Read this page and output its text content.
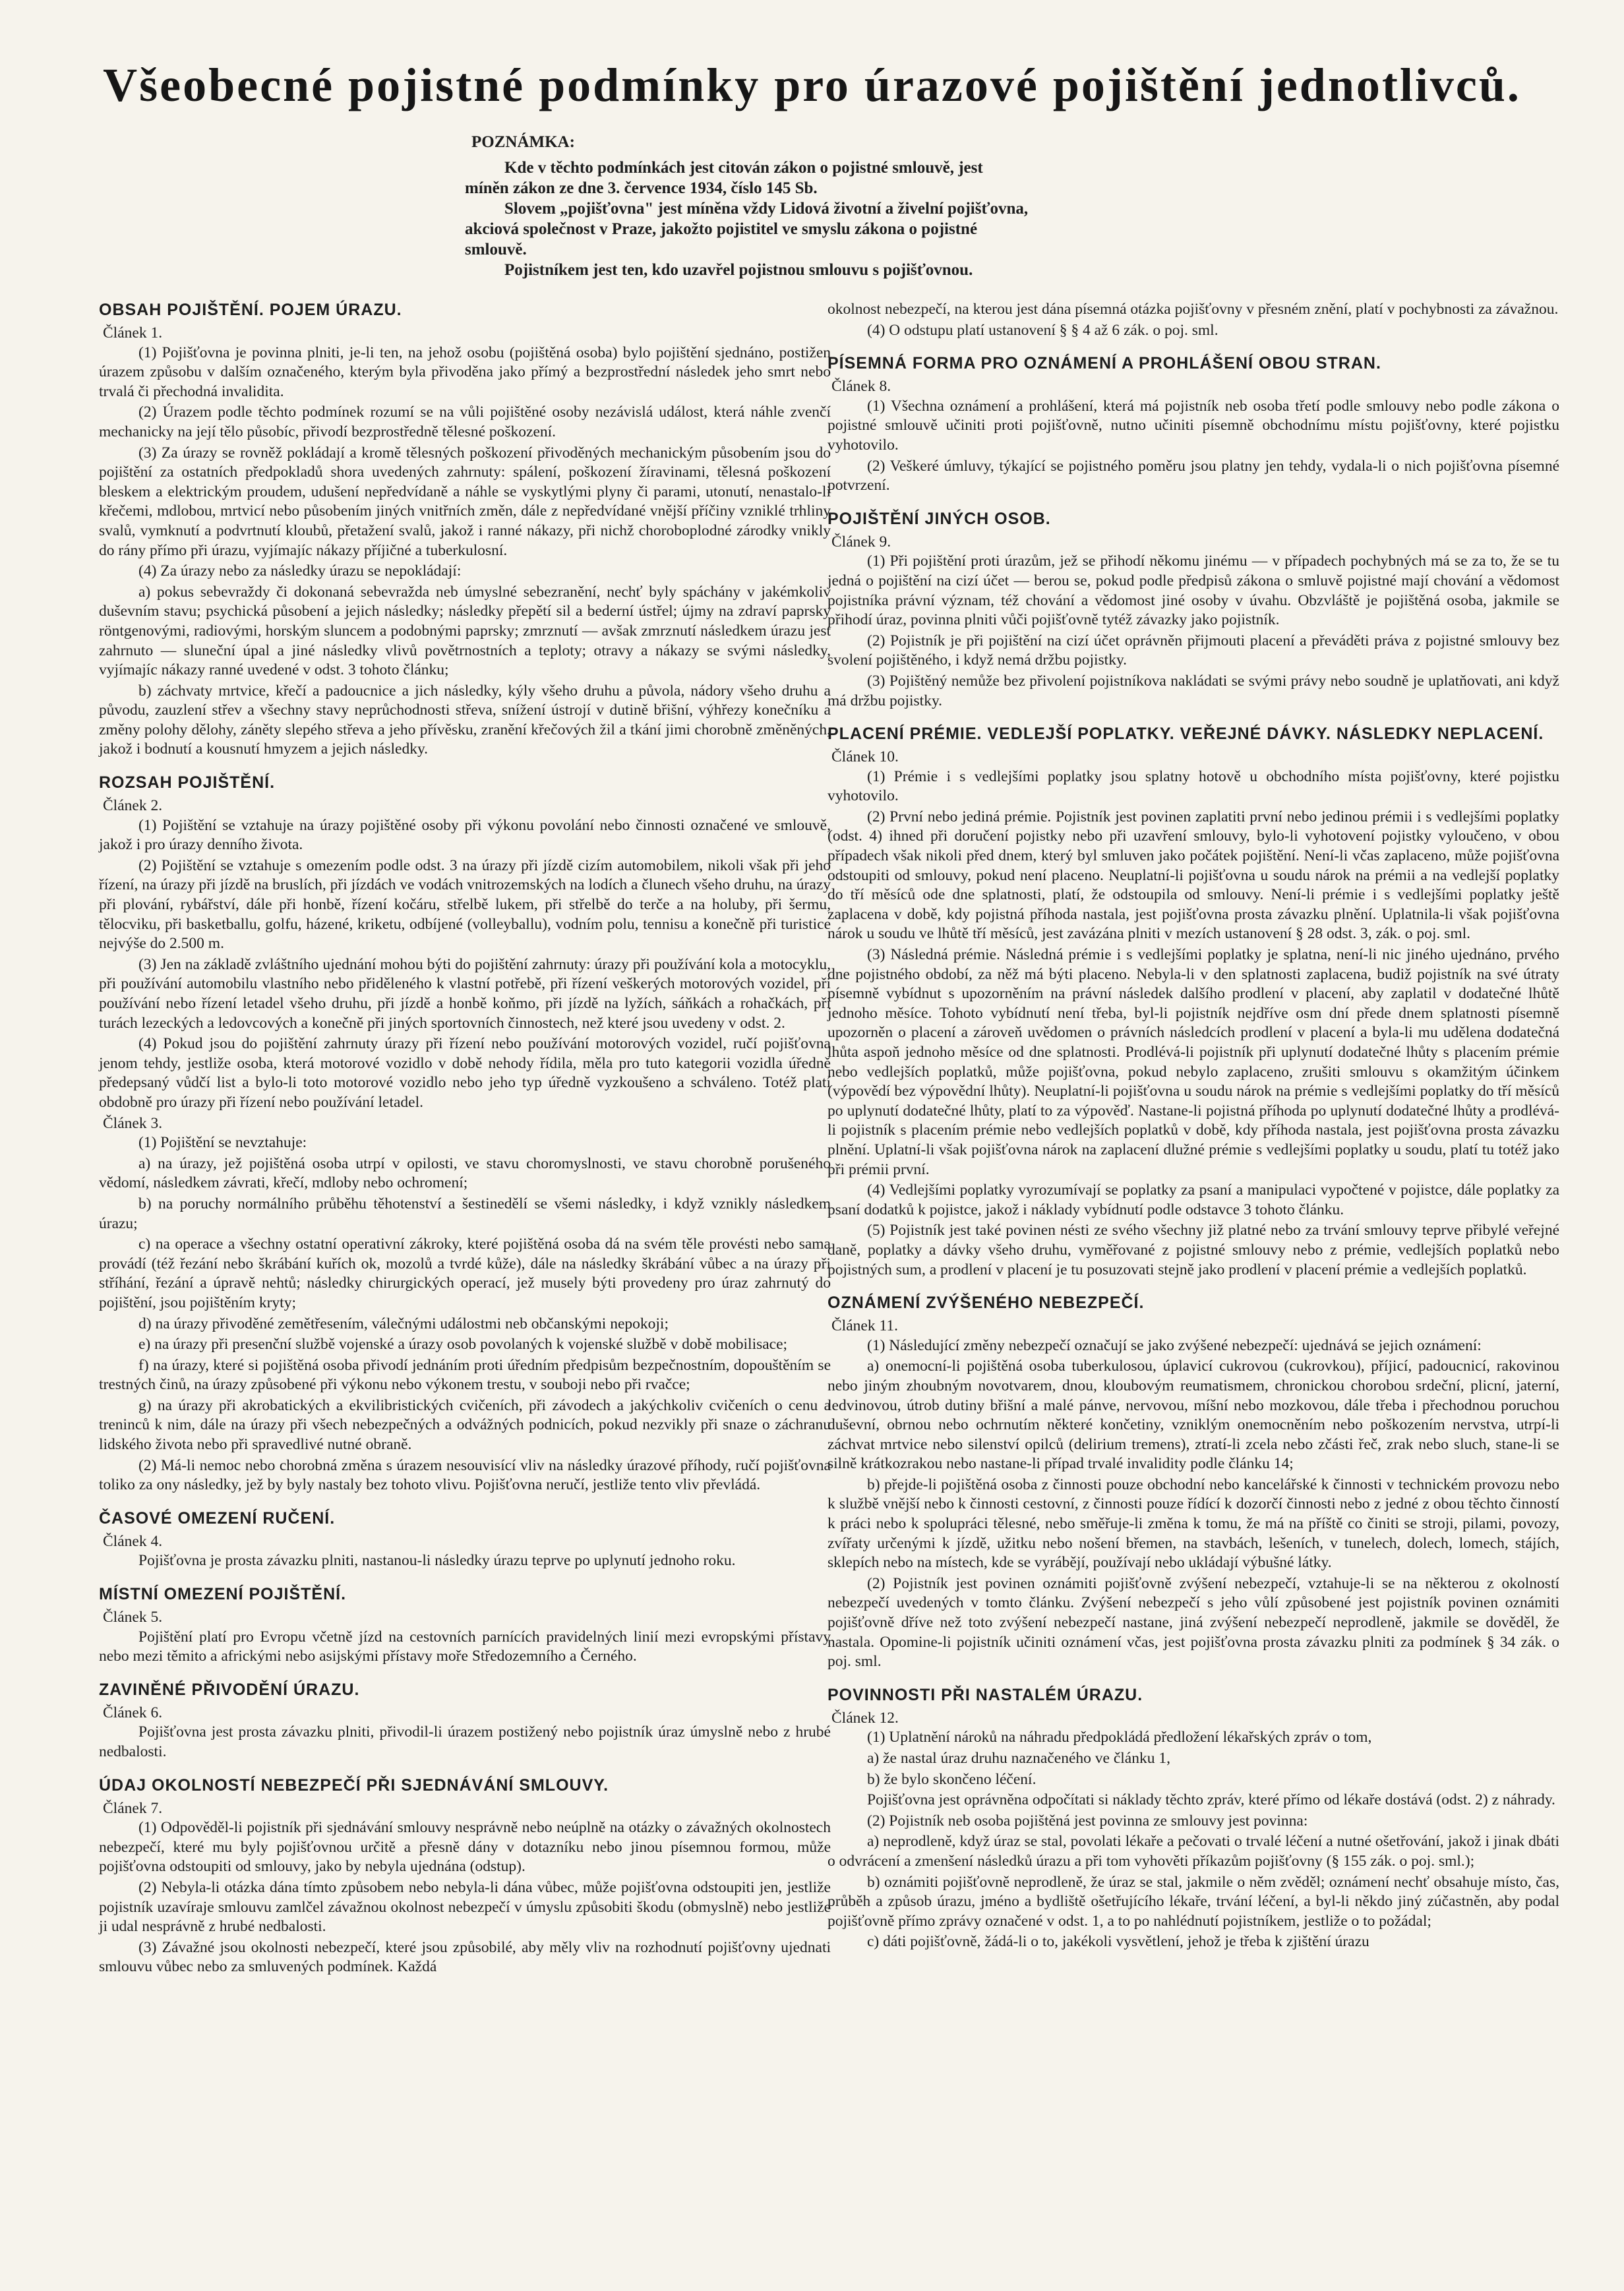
Všeobecné pojistné podmínky pro úrazové pojištění jednotlivců.
POZNÁMKA:

Kde v těchto podmínkách jest citován zákon o pojistné smlouvě, jest

míněn zákon ze dne 3. července 1934, číslo 145 Sb.

Slovem „pojišťovna" jest míněna vždy Lidová životní a živelní pojišťovna,

akciová společnost v Praze, jakožto pojistitel ve smyslu zákona o pojistné

smlouvě.

Pojistníkem jest ten, kdo uzavřel pojistnou smlouvu s pojišťovnou.

OBSAH POJIŠTĚNÍ. POJEM ÚRAZU.
Článek 1.

(1) Pojišťovna je povinna plniti, je-li ten, na jehož osobu (pojištěná osoba) bylo pojištění sjednáno, postižen úrazem způsobu v dalším označeného, kterým byla přivoděna jako přímý a bezprostřední následek jeho smrt nebo trvalá či přechodná invalidita.

(2) Úrazem podle těchto podmínek rozumí se na vůli pojištěné osoby nezávislá událost, která náhle zvenčí mechanicky na její tělo působíc, přivodí bezprostředně tělesné poškození.

(3) Za úrazy se rovněž pokládají a kromě tělesných poškození přivoděných mechanickým působením jsou do pojištění za ostatních předpokladů shora uvedených zahrnuty: spálení, poškození žíravinami, tělesná poškození bleskem a elektrickým proudem, udušení nepředvídaně a náhle se vyskytlými plyny či parami, utonutí, nenastalo-li křečemi, mdlobou, mrtvicí nebo působením jiných vnitřních změn, dále z nepředvídané vnější příčiny vzniklé trhliny svalů, vymknutí a podvrtnutí kloubů, přetažení svalů, jakož i ranné nákazy, při nichž choroboplodné zárodky vnikly do rány přímo při úrazu, vyjímajíc nákazy příjičné a tuberkulosní.

(4) Za úrazy nebo za následky úrazu se nepokládají:

a) pokus sebevraždy či dokonaná sebevražda neb úmyslné sebezranění, nechť byly spáchány v jakémkoliv duševním stavu; psychická působení a jejich následky; následky přepětí sil a bederní ústřel; újmy na zdraví paprsky röntgenovými, radiovými, horským sluncem a podobnými paprsky; zmrznutí — avšak zmrznutí následkem úrazu jest zahrnuto — sluneční úpal a jiné následky vlivů povětrnostních a teploty; otravy a nákazy se svými následky, vyjímajíc nákazy ranné uvedené v odst. 3 tohoto článku;

b) záchvaty mrtvice, křečí a padoucnice a jich následky, kýly všeho druhu a půvola, nádory všeho druhu a původu, zauzlení střev a všechny stavy neprůchodnosti střeva, snížení ústrojí v dutině břišní, výhřezy konečníku a změny polohy dělohy, záněty slepého střeva a jeho přívěsku, zranění křečových žil a tkání jimi chorobně změněných, jakož i bodnutí a kousnutí hmyzem a jejich následky.

ROZSAH POJIŠTĚNÍ.
Článek 2.

(1) Pojištění se vztahuje na úrazy pojištěné osoby při výkonu povolání nebo činnosti označené ve smlouvě, jakož i pro úrazy denního života.

(2) Pojištění se vztahuje s omezením podle odst. 3 na úrazy při jízdě cizím automobilem, nikoli však při jeho řízení, na úrazy při jízdě na bruslích, při jízdách ve vodách vnitrozemských na lodích a člunech všeho druhu, na úrazy při plování, rybářství, dále při honbě, řízení kočáru, střelbě lukem, při střelbě do terče a na holuby, při šermu, tělocviku, při basketballu, golfu, házené, kriketu, odbíjené (volleyballu), vodním polu, tennisu a konečně při turistice nejvýše do 2.500 m.

(3) Jen na základě zvláštního ujednání mohou býti do pojištění zahrnuty: úrazy při používání kola a motocyklu, při používání automobilu vlastního nebo přiděleného k vlastní potřebě, při řízení veškerých motorových vozidel, při používání nebo řízení letadel všeho druhu, při jízdě a honbě koňmo, při jízdě na lyžích, sáňkách a rohačkách, při turách lezeckých a ledovcových a konečně při jiných sportovních činnostech, než které jsou uvedeny v odst. 2.

(4) Pokud jsou do pojištění zahrnuty úrazy při řízení nebo používání motorových vozidel, ručí pojišťovna jenom tehdy, jestliže osoba, která motorové vozidlo v době nehody řídila, měla pro tuto kategorii vozidla úředně předepsaný vůdčí list a bylo-li toto motorové vozidlo nebo jeho typ úředně vyzkoušeno a schváleno. Totéž platí obdobně pro úrazy při řízení nebo používání letadel.

Článek 3.

(1) Pojištění se nevztahuje:

a) na úrazy, jež pojištěná osoba utrpí v opilosti, ve stavu choromyslnosti, ve stavu chorobně porušeného vědomí, následkem závrati, křečí, mdloby nebo ochromení;

b) na poruchy normálního průběhu těhotenství a šestinedělí se všemi následky, i když vznikly následkem úrazu;

c) na operace a všechny ostatní operativní zákroky, které pojištěná osoba dá na svém těle provésti nebo sama provádí (též řezání nebo škrábání kuřích ok, mozolů a tvrdé kůže), dále na následky škrábání vůbec a na úrazy při stříhání, řezání a úpravě nehtů; následky chirurgických operací, jež musely býti provedeny pro úraz zahrnutý do pojištění, jsou pojištěním kryty;

d) na úrazy přivoděné zemětřesením, válečnými událostmi neb občanskými nepokoji;

e) na úrazy při presenční službě vojenské a úrazy osob povolaných k vojenské službě v době mobilisace;

f) na úrazy, které si pojištěná osoba přivodí jednáním proti úředním předpisům bezpečnostním, dopouštěním se trestných činů, na úrazy způsobené při výkonu nebo výkonem trestu, v souboji nebo při rvačce;

g) na úrazy při akrobatických a ekvilibristických cvičeních, při závodech a jakýchkoliv cvičeních o cenu a treninců k nim, dále na úrazy při všech nebezpečných a odvážných podnicích, pokud nezvikly při snaze o záchranu lidského života nebo při spravedlivé nutné obraně.

(2) Má-li nemoc nebo chorobná změna s úrazem nesouvisící vliv na následky úrazové příhody, ručí pojišťovna toliko za ony následky, jež by byly nastaly bez tohoto vlivu. Pojišťovna neručí, jestliže tento vliv převládá.

ČASOVÉ OMEZENÍ RUČENÍ.
Článek 4.

Pojišťovna je prosta závazku plniti, nastanou-li následky úrazu teprve po uplynutí jednoho roku.

MÍSTNÍ OMEZENÍ POJIŠTĚNÍ.
Článek 5.

Pojištění platí pro Evropu včetně jízd na cestovních parnících pravidelných linií mezi evropskými přístavy nebo mezi těmito a africkými nebo asijskými přístavy moře Středozemního a Černého.

ZAVINĚNÉ PŘIVODĚNÍ ÚRAZU.
Článek 6.

Pojišťovna jest prosta závazku plniti, přivodil-li úrazem postižený nebo pojistník úraz úmyslně nebo z hrubé nedbalosti.

ÚDAJ OKOLNOSTÍ NEBEZPEČÍ PŘI SJEDNÁVÁNÍ SMLOUVY.
Článek 7.

(1) Odpověděl-li pojistník při sjednávání smlouvy nesprávně nebo neúplně na otázky o závažných okolnostech nebezpečí, které mu byly pojišťovnou určitě a přesně dány v dotazníku nebo jinou písemnou formou, může pojišťovna odstoupiti od smlouvy, jako by nebyla ujednána (odstup).

(2) Nebyla-li otázka dána tímto způsobem nebo nebyla-li dána vůbec, může pojišťovna odstoupiti jen, jestliže pojistník uzavíraje smlouvu zamlčel závažnou okolnost nebezpečí v úmyslu způsobiti škodu (obmyslně) nebo jestliže ji udal nesprávně z hrubé nedbalosti.

(3) Závažné jsou okolnosti nebezpečí, které jsou způsobilé, aby měly vliv na rozhodnutí pojišťovny ujednati smlouvu vůbec nebo za smluvených podmínek. Každá

okolnost nebezpečí, na kterou jest dána písemná otázka pojišťovny v přesném znění, platí v pochybnosti za závažnou.

(4) O odstupu platí ustanovení § § 4 až 6 zák. o poj. sml.

PÍSEMNÁ FORMA PRO OZNÁMENÍ A PROHLÁŠENÍ OBOU STRAN.
Článek 8.

(1) Všechna oznámení a prohlášení, která má pojistník neb osoba třetí podle smlouvy nebo podle zákona o pojistné smlouvě učiniti proti pojišťovně, nutno učiniti písemně obchodnímu místu pojišťovny, které pojistku vyhotovilo.

(2) Veškeré úmluvy, týkající se pojistného poměru jsou platny jen tehdy, vydala-li o nich pojišťovna písemné potvrzení.

POJIŠTĚNÍ JINÝCH OSOB.
Článek 9.

(1) Při pojištění proti úrazům, jež se přihodí někomu jinému — v případech pochybných má se za to, že se tu jedná o pojištění na cizí účet — berou se, pokud podle předpisů zákona o smluvě pojistné mají chování a vědomost pojistníka právní význam, též chování a vědomost jiné osoby v úvahu. Obzvláště je pojištěná osoba, jakmile se přihodí úraz, povinna plniti vůči pojišťovně tytéž závazky jako pojistník.

(2) Pojistník je při pojištění na cizí účet oprávněn přijmouti placení a převáděti práva z pojistné smlouvy bez svolení pojištěného, i když nemá držbu pojistky.

(3) Pojištěný nemůže bez přivolení pojistníkova nakládati se svými právy nebo soudně je uplatňovati, ani když má držbu pojistky.

PLACENÍ PRÉMIE. VEDLEJŠÍ POPLATKY. VEŘEJNÉ DÁVKY. NÁSLEDKY NEPLACENÍ.
Článek 10.

(1) Prémie i s vedlejšími poplatky jsou splatny hotově u obchodního místa pojišťovny, které pojistku vyhotovilo.

(2) První nebo jediná prémie. Pojistník jest povinen zaplatiti první nebo jedinou prémii i s vedlejšími poplatky (odst. 4) ihned při doručení pojistky nebo při uzavření smlouvy, bylo-li vyhotovení pojistky vyloučeno, v obou případech však nikoli před dnem, který byl smluven jako počátek pojištění. Není-li včas zaplaceno, může pojišťovna odstoupiti od smlouvy, pokud není placeno. Neuplatní-li pojišťovna u soudu nárok na prémii a na vedlejší poplatky do tří měsíců ode dne splatnosti, platí, že odstoupila od smlouvy. Není-li prémie i s vedlejšími poplatky ještě zaplacena v době, kdy pojistná příhoda nastala, jest pojišťovna prosta závazku plnění. Uplatnila-li však pojišťovna nárok u soudu ve lhůtě tří měsíců, jest zavázána plniti v mezích ustanovení § 28 odst. 3, zák. o poj. sml.

(3) Následná prémie. Následná prémie i s vedlejšími poplatky je splatna, není-li nic jiného ujednáno, prvého dne pojistného období, za něž má býti placeno. Nebyla-li v den splatnosti zaplacena, budiž pojistník na své útraty písemně vybídnut s upozorněním na právní následek dalšího prodlení v placení, aby zaplatil v dodatečné lhůtě jednoho měsíce. Tohoto vybídnutí není třeba, byl-li pojistník nejdříve osm dní přede dnem splatnosti písemně upozorněn o placení a zároveň uvědomen o právních následcích prodlení v placení a byla-li mu udělena dodatečná lhůta aspoň jednoho měsíce od dne splatnosti. Prodlévá-li pojistník při uplynutí dodatečné lhůty s placením prémie nebo vedlejších poplatků, může pojišťovna, pokud nebylo zaplaceno, zrušiti smlouvu s okamžitým účinkem (výpovědí bez výpovědní lhůty). Neuplatní-li pojišťovna u soudu nárok na prémie s vedlejšími poplatky do tří měsíců po uplynutí dodatečné lhůty, platí to za výpověď. Nastane-li pojistná příhoda po uplynutí dodatečné lhůty a prodlévá-li pojistník s placením prémie nebo vedlejších poplatků v době, kdy příhoda nastala, jest pojišťovna prosta závazku plnění. Uplatní-li však pojišťovna nárok na zaplacení dlužné prémie s vedlejšími poplatky u soudu, platí tu totéž jako při prémii první.

(4) Vedlejšími poplatky vyrozumívají se poplatky za psaní a manipulaci vypočtené v pojistce, dále poplatky za psaní dodatků k pojistce, jakož i náklady vybídnutí podle odstavce 3 tohoto článku.

(5) Pojistník jest také povinen nésti ze svého všechny již platné nebo za trvání smlouvy teprve přibylé veřejné daně, poplatky a dávky všeho druhu, vyměřované z pojistné smlouvy nebo z prémie, vedlejších poplatků nebo pojistných sum, a prodlení v placení je tu posuzovati stejně jako prodlení v placení prémie a vedlejších poplatků.

OZNÁMENÍ ZVÝŠENÉHO NEBEZPEČÍ.
Článek 11.

(1) Následující změny nebezpečí označují se jako zvýšené nebezpečí: ujednává se jejich oznámení:

a) onemocní-li pojištěná osoba tuberkulosou, úplavicí cukrovou (cukrovkou), příjicí, padoucnicí, rakovinou nebo jiným zhoubným novotvarem, dnou, kloubovým reumatismem, chronickou chorobou srdeční, plicní, jaterní, ledvinovou, útrob dutiny břišní a malé pánve, nervovou, míšní nebo mozkovou, dále třeba i přechodnou poruchou duševní, obrnou nebo ochrnutím některé končetiny, vzniklým onemocněním nebo poškozením nervstva, utrpí-li záchvat mrtvice nebo silenství opilců (delirium tremens), ztratí-li zcela nebo zčásti řeč, zrak nebo sluch, stane-li se silně krátkozrakou nebo nastane-li případ trvalé invalidity podle článku 14;

b) přejde-li pojištěná osoba z činnosti pouze obchodní nebo kancelářské k činnosti v technickém provozu nebo k službě vnější nebo k činnosti cestovní, z činnosti pouze řídící k dozorčí činnosti nebo z jedné z obou těchto činností k práci nebo k spolupráci tělesné, nebo směřuje-li změna k tomu, že má na příště co činiti se stroji, pilami, povozy, zvířaty určenými k jízdě, užitku nebo nošení břemen, na stavbách, lešeních, v tunelech, dolech, lomech, stájích, sklepích nebo na místech, kde se vyrábějí, používají nebo ukládají výbušné látky.

(2) Pojistník jest povinen oznámiti pojišťovně zvýšení nebezpečí, vztahuje-li se na některou z okolností nebezpečí uvedených v tomto článku. Zvýšení nebezpečí s jeho vůlí způsobené jest pojistník povinen oznámiti pojišťovně dříve než toto zvýšení nebezpečí nastane, jiná zvýšení nebezpečí neprodleně, jakmile se dověděl, že nastala. Opomine-li pojistník učiniti oznámení včas, jest pojišťovna prosta závazku plniti za podmínek § 34 zák. o poj. sml.

POVINNOSTI PŘI NASTALÉM ÚRAZU.
Článek 12.

(1) Uplatnění nároků na náhradu předpokládá předložení lékařských zpráv o tom,

a) že nastal úraz druhu naznačeného ve článku 1,

b) že bylo skončeno léčení.

Pojišťovna jest oprávněna odpočítati si náklady těchto zpráv, které přímo od lékaře dostává (odst. 2) z náhrady.

(2) Pojistník neb osoba pojištěná jest povinna ze smlouvy jest povinna:

a) neprodleně, když úraz se stal, povolati lékaře a pečovati o trvalé léčení a nutné ošetřování, jakož i jinak dbáti o odvrácení a zmenšení následků úrazu a při tom vyhověti příkazům pojišťovny (§ 155 zák. o poj. sml.);

b) oznámiti pojišťovně neprodleně, že úraz se stal, jakmile o něm zvěděl; oznámení nechť obsahuje místo, čas, průběh a způsob úrazu, jméno a bydliště ošetřujícího lékaře, trvání léčení, a byl-li někdo jiný zúčastněn, aby podal pojišťovně přímo zprávy označené v odst. 1, a to po nahlédnutí pojistníkem, jestliže o to požádal;

c) dáti pojišťovně, žádá-li o to, jakékoli vysvětlení, jehož je třeba k zjištění úrazu
